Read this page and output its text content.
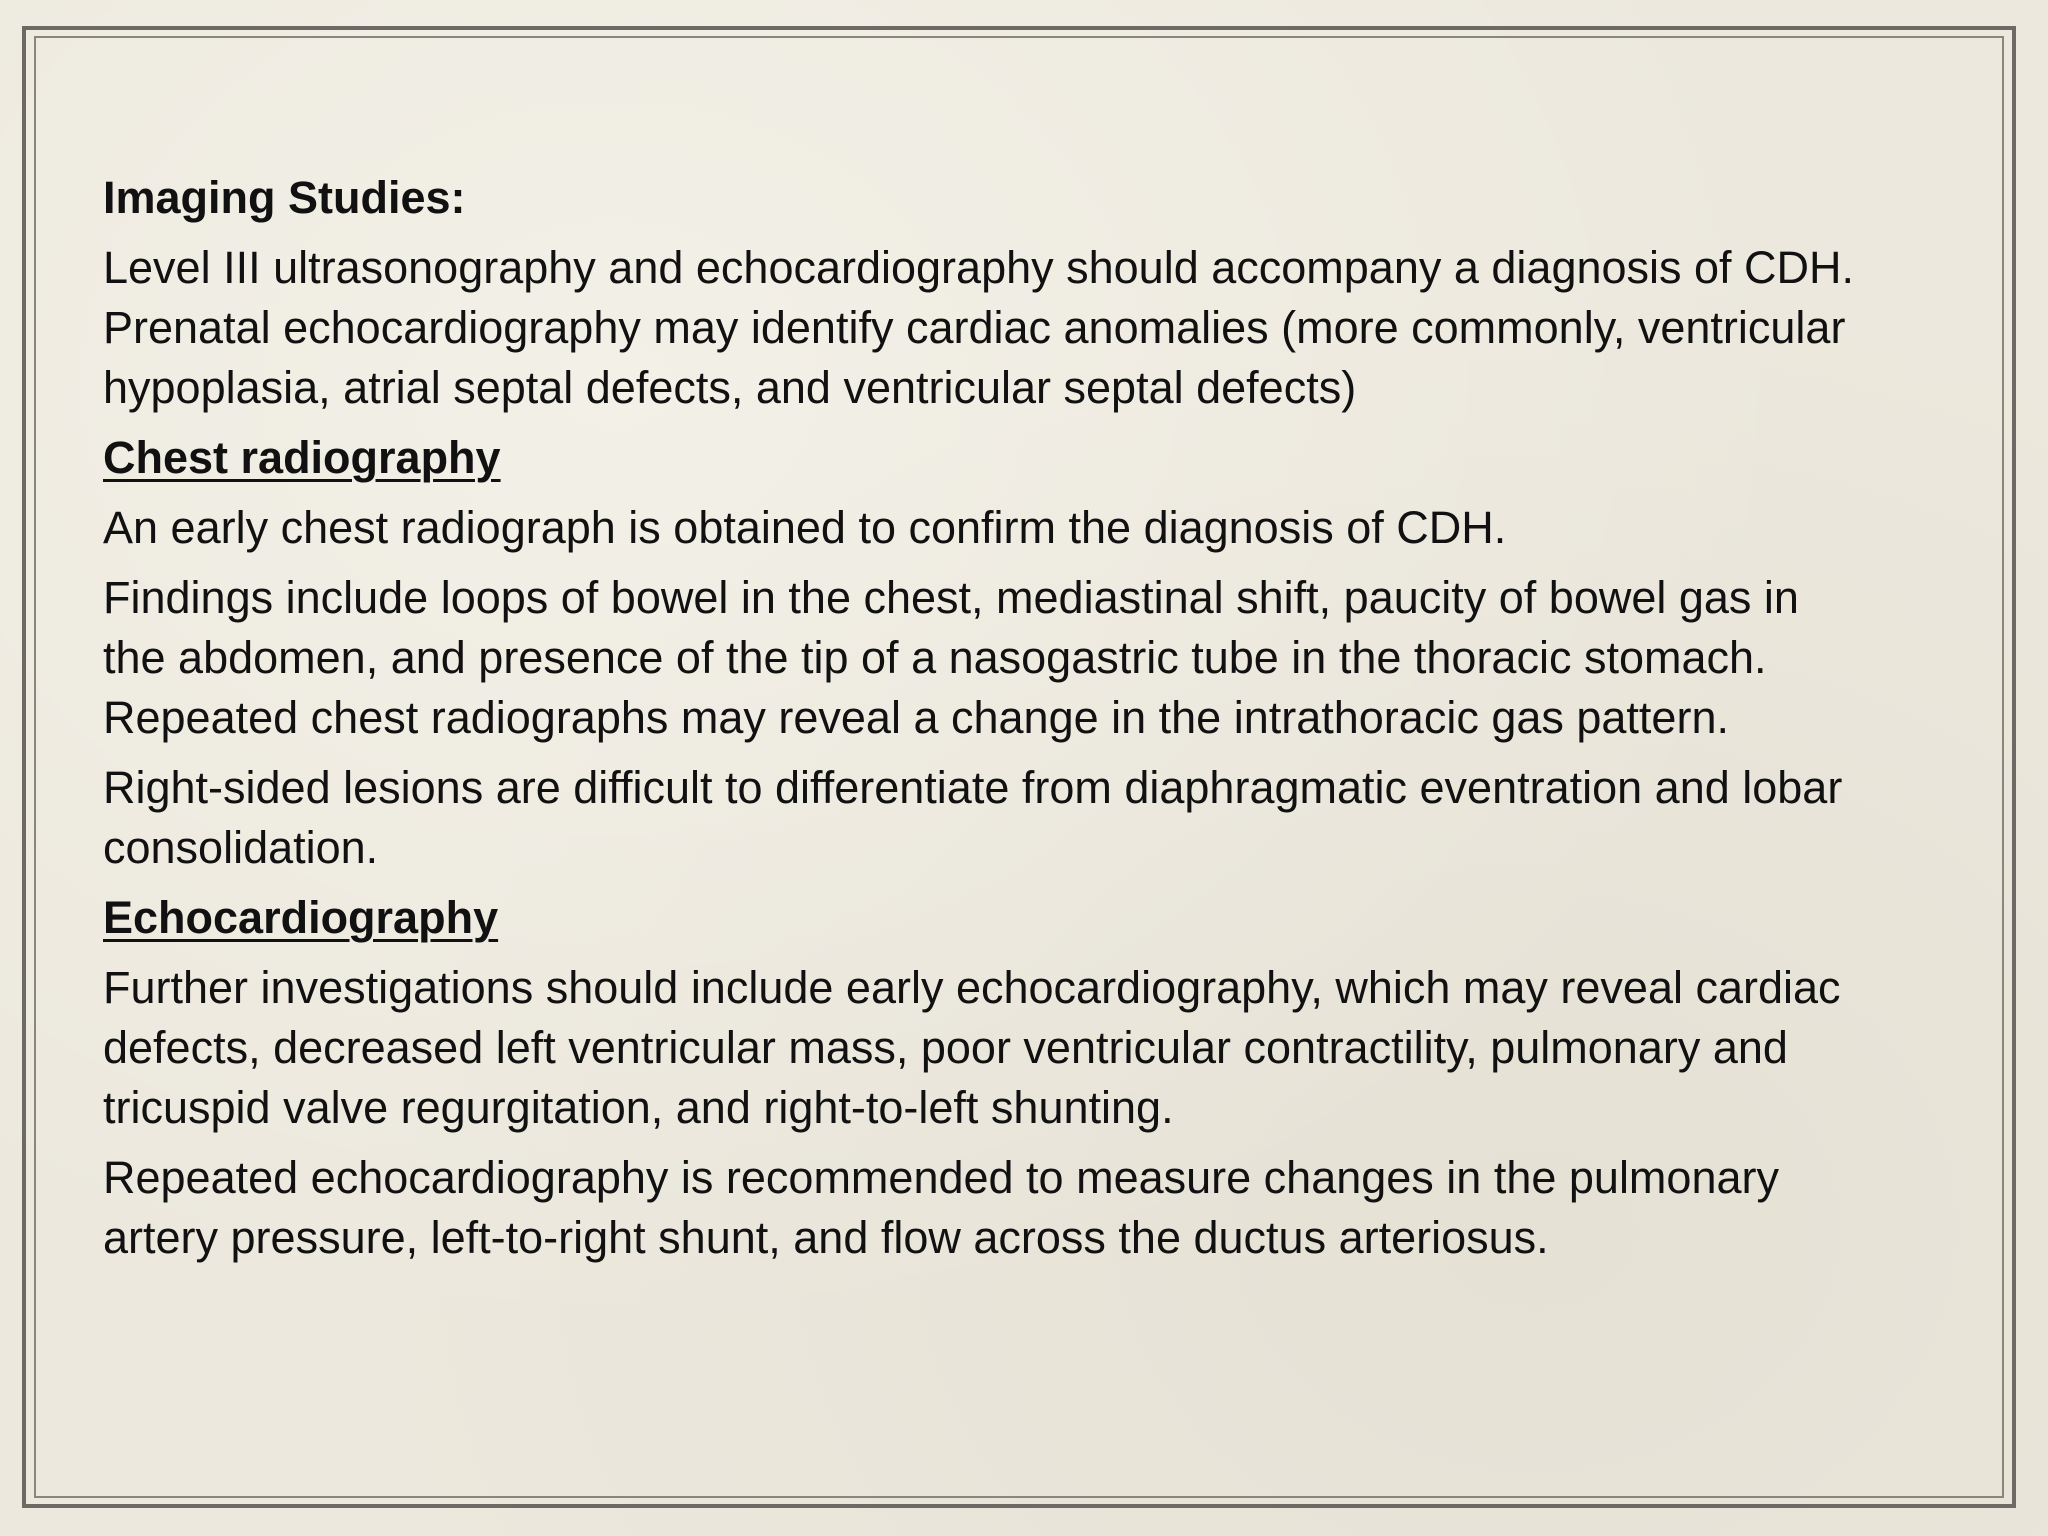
Imaging Studies:

Level III ultrasonography and echocardiography should accompany a diagnosis of CDH. Prenatal echocardiography may identify cardiac anomalies (more commonly, ventricular hypoplasia, atrial septal defects, and ventricular septal defects)

Chest radiography

An early chest radiograph is obtained to confirm the diagnosis of CDH.

Findings include loops of bowel in the chest, mediastinal shift, paucity of bowel gas in the abdomen, and presence of the tip of a nasogastric tube in the thoracic stomach. Repeated chest radiographs may reveal a change in the intrathoracic gas pattern.

Right-sided lesions are difficult to differentiate from diaphragmatic eventration and lobar consolidation.

Echocardiography

Further investigations should include early echocardiography, which may reveal cardiac defects, decreased left ventricular mass, poor ventricular contractility, pulmonary and tricuspid valve regurgitation, and right-to-left shunting.

Repeated echocardiography is recommended to measure changes in the pulmonary artery pressure, left-to-right shunt, and flow across the ductus arteriosus.
